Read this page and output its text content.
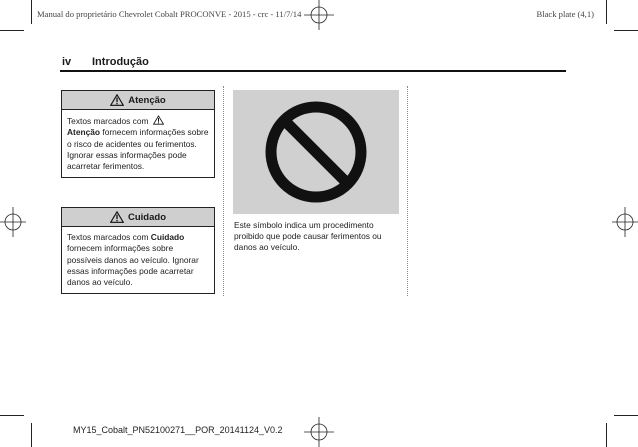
Manual do proprietário Chevrolet Cobalt PROCONVE - 2015 - crc - 11/7/14	Black plate (4,1)
iv Introdução
Atenção
Textos marcados com
Atenção fornecem informações sobre o risco de acidentes ou ferimentos. Ignorar essas informações pode acarretar ferimentos.
Cuidado
Textos marcados com Cuidado fornecem informações sobre possíveis danos ao veículo. Ignorar essas informações pode acarretar danos ao veículo.
Este símbolo indica um procedimento proibido que pode causar ferimentos ou danos ao veículo.
MY15_Cobalt_PN52100271__POR_20141124_V0.2
